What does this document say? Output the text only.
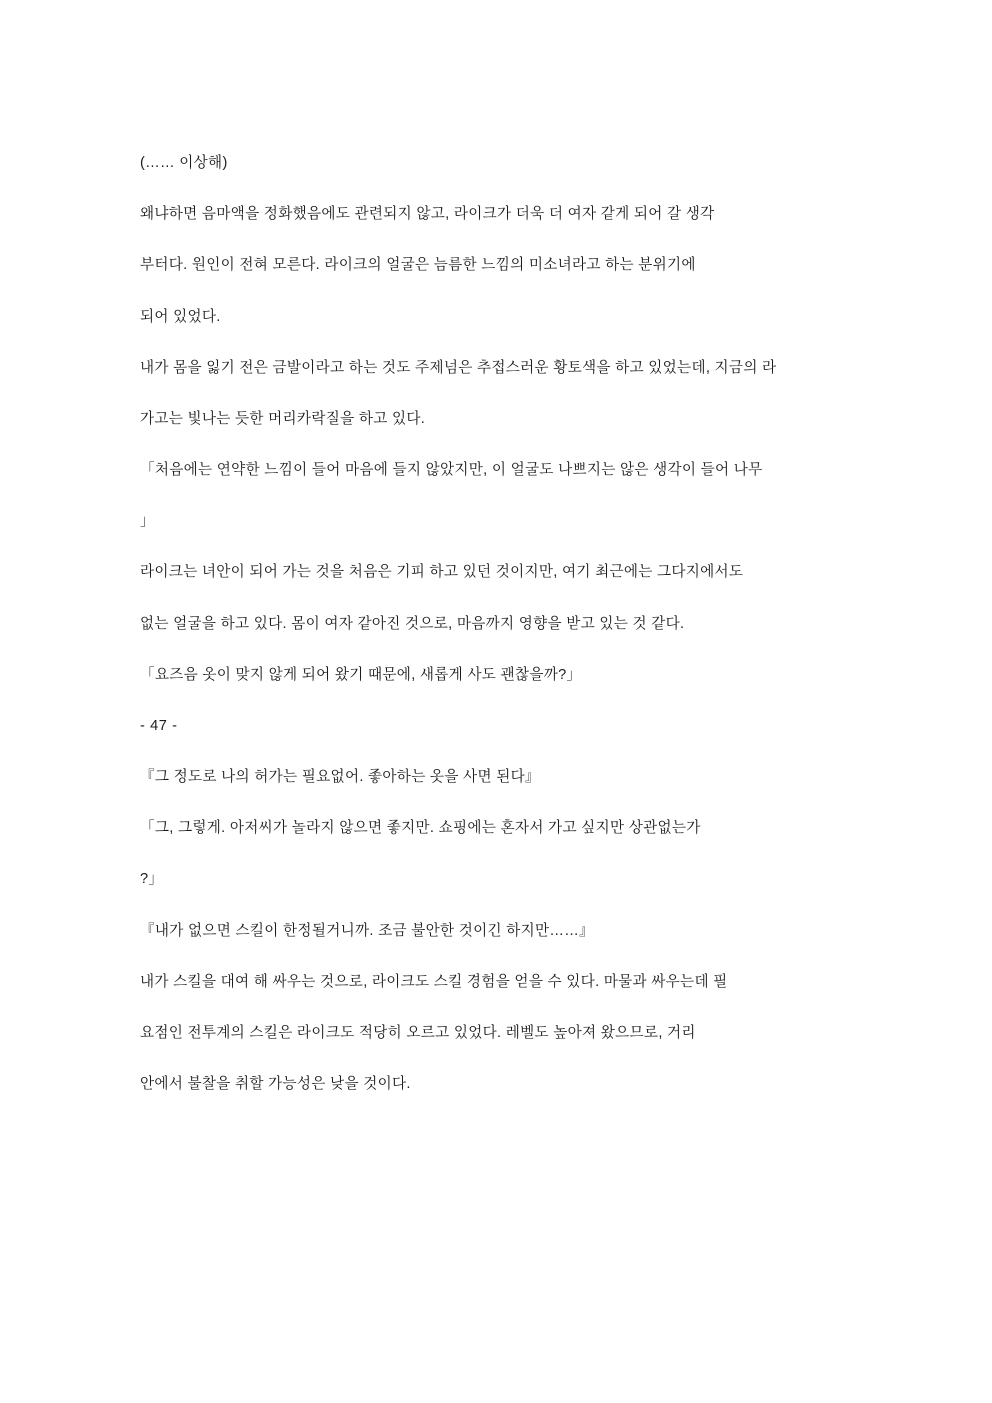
(…… 이상해)

왜냐하면 음마액을 정화했음에도 관련되지 않고, 라이크가 더욱 더 여자 같게 되어 갈 생각

부터다. 원인이 전혀 모른다. 라이크의 얼굴은 늠름한 느낌의 미소녀라고 하는 분위기에

되어 있었다.

내가 몸을 잃기 전은 금발이라고 하는 것도 주제넘은 추접스러운 황토색을 하고 있었는데, 지금의 라

가고는 빛나는 듯한 머리카락질을 하고 있다.

「처음에는 연약한 느낌이 들어 마음에 들지 않았지만, 이 얼굴도 나쁘지는 않은 생각이 들어 나무

」

라이크는 녀안이 되어 가는 것을 처음은 기피 하고 있던 것이지만, 여기 최근에는 그다지에서도

없는 얼굴을 하고 있다. 몸이 여자 같아진 것으로, 마음까지 영향을 받고 있는 것 같다.

「요즈음 옷이 맞지 않게 되어 왔기 때문에, 새롭게 사도 괜찮을까?」

- 47 -

『그 정도로 나의 허가는 필요없어. 좋아하는 옷을 사면 된다』

「그, 그렇게. 아저씨가 놀라지 않으면 좋지만. 쇼핑에는 혼자서 가고 싶지만 상관없는가

?」

『내가 없으면 스킬이 한정될거니까. 조금 불안한 것이긴 하지만……』

내가 스킬을 대여 해 싸우는 것으로, 라이크도 스킬 경험을 얻을 수 있다. 마물과 싸우는데 필

요점인 전투계의 스킬은 라이크도 적당히 오르고 있었다. 레벨도 높아져 왔으므로, 거리

안에서 불찰을 취할 가능성은 낮을 것이다.
